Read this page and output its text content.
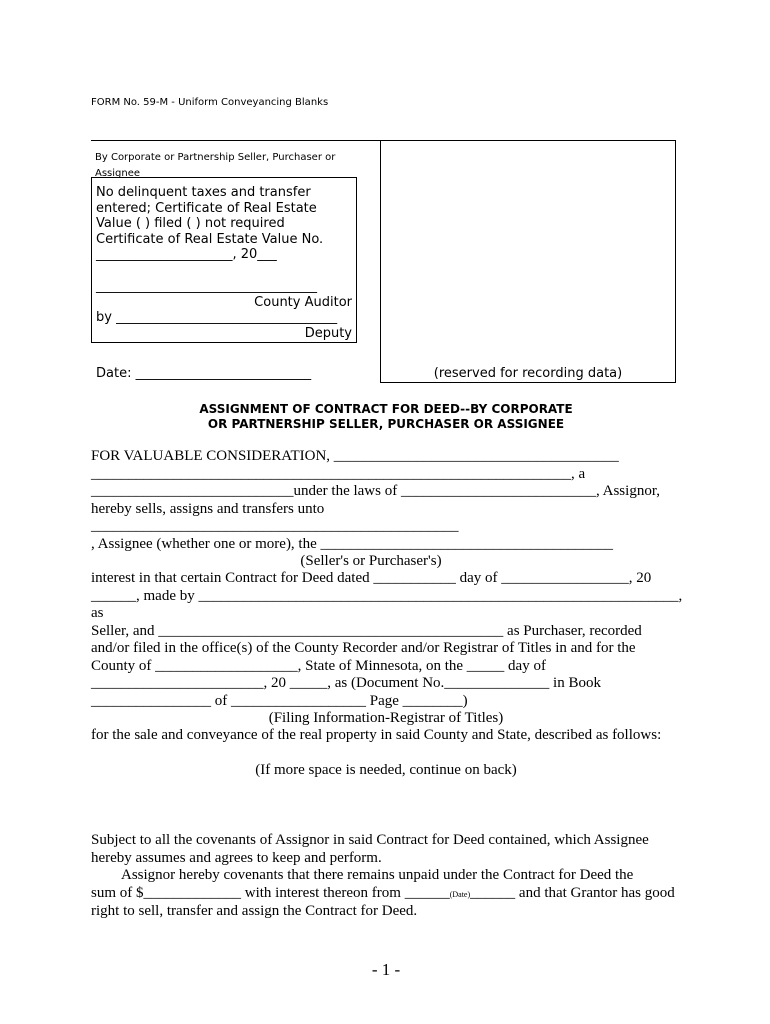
FORM No. 59-M - Uniform Conveyancing Blanks
By Corporate or Partnership Seller, Purchaser or Assignee
No delinquent taxes and transfer
entered; Certificate of Real Estate
Value ( ) filed ( ) not required
Certificate of Real Estate Value No.
_____________________, 20___
__________________________________
County Auditor
by __________________________________
Deputy
Date: ___________________________	(reserved for recording data)
ASSIGNMENT OF CONTRACT FOR DEED--BY CORPORATE
OR PARTNERSHIP SELLER, PURCHASER OR ASSIGNEE
FOR VALUABLE CONSIDERATION, ______________________________________
________________________________________________________________, a
___________________________under the laws of __________________________, Assignor,
hereby sells, assigns and transfers unto _________________________________________________
, Assignee (whether one or more), the _______________________________________
(Seller's or Purchaser's)
interest in that certain Contract for Deed dated ___________ day of _________________, 20
______, made by ________________________________________________________________, as
Seller, and ______________________________________________ as Purchaser, recorded
and/or filed in the office(s) of the County Recorder and/or Registrar of Titles in and for the
County of ___________________, State of Minnesota, on the _____ day of
_______________________, 20 _____, as (Document No.______________ in Book
________________ of __________________ Page ________)
(Filing Information-Registrar of Titles)
for the sale and conveyance of the real property in said County and State, described as follows:
(If more space is needed, continue on back)
Subject to all the covenants of Assignor in said Contract for Deed contained, which Assignee
hereby assumes and agrees to keep and perform.
Assignor hereby covenants that there remains unpaid under the Contract for Deed the
sum of $_____________ with interest thereon from ______(Date)______ and that Grantor has good
right to sell, transfer and assign the Contract for Deed.
- 1 -
